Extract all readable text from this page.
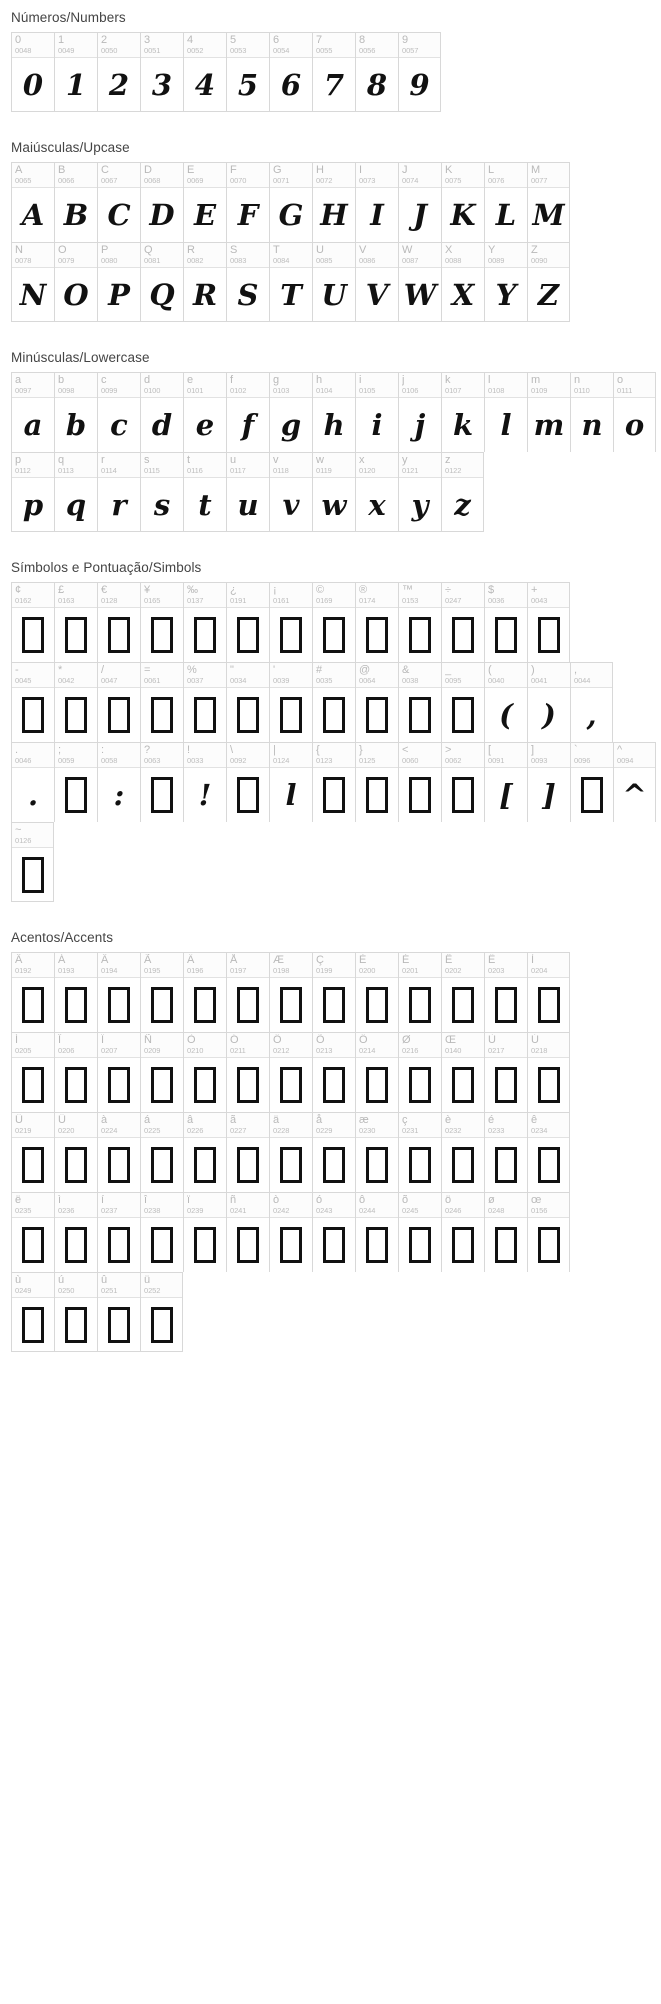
Números/Numbers
0
0048
0
1
0049
1
2
0050
2
3
0051
3
4
0052
4
5
0053
5
6
0054
6
7
0055
7
8
0056
8
9
0057
9
Maiúsculas/Upcase
A
0065
A
B
0066
B
C
0067
C
D
0068
D
E
0069
E
F
0070
F
G
0071
G
H
0072
H
I
0073
I
J
0074
J
K
0075
K
L
0076
L
M
0077
M
N
0078
N
O
0079
O
P
0080
P
Q
0081
Q
R
0082
R
S
0083
S
T
0084
T
U
0085
U
V
0086
V
W
0087
W
X
0088
X
Y
0089
Y
Z
0090
Z
Minúsculas/Lowercase
a
0097
a
b
0098
b
c
0099
c
d
0100
d
e
0101
e
f
0102
f
g
0103
g
h
0104
h
i
0105
i
j
0106
j
k
0107
k
l
0108
l
m
0109
m
n
0110
n
o
0111
o
p
0112
p
q
0113
q
r
0114
r
s
0115
s
t
0116
t
u
0117
u
v
0118
v
w
0119
w
x
0120
x
y
0121
y
z
0122
z
Símbolos e Pontuação/Simbols
¢
0162
£
0163
€
0128
¥
0165
‰
0137
¿
0191
¡
0161
©
0169
®
0174
™
0153
÷
0247
$
0036
+
0043
-
0045
*
0042
/
0047
=
0061
%
0037
"
0034
'
0039
#
0035
@
0064
&
0038
_
0095
(
0040
(
)
0041
)
,
0044
,
.
0046
.
;
0059
:
0058
:
?
0063
!
0033
!
\
0092
|
0124
l
{
0123
}
0125
<
0060
>
0062
[
0091
[
]
0093
]
`
0096
^
0094
^
~
0126
Acentos/Accents
Â
0192
Á
0193
Â
0194
Ã
0195
Ä
0196
Å
0197
Æ
0198
Ç
0199
È
0200
É
0201
Ê
0202
Ë
0203
Ì
0204
Í
0205
Î
0206
Ï
0207
Ñ
0209
Ò
0210
Ó
0211
Ô
0212
Õ
0213
Ö
0214
Ø
0216
Œ
0140
Ù
0217
Ú
0218
Û
0219
Ü
0220
à
0224
á
0225
â
0226
ã
0227
ä
0228
å
0229
æ
0230
ç
0231
è
0232
é
0233
ê
0234
ë
0235
ì
0236
í
0237
î
0238
ï
0239
ñ
0241
ò
0242
ó
0243
ô
0244
õ
0245
ö
0246
ø
0248
œ
0156
ù
0249
ú
0250
û
0251
ü
0252
